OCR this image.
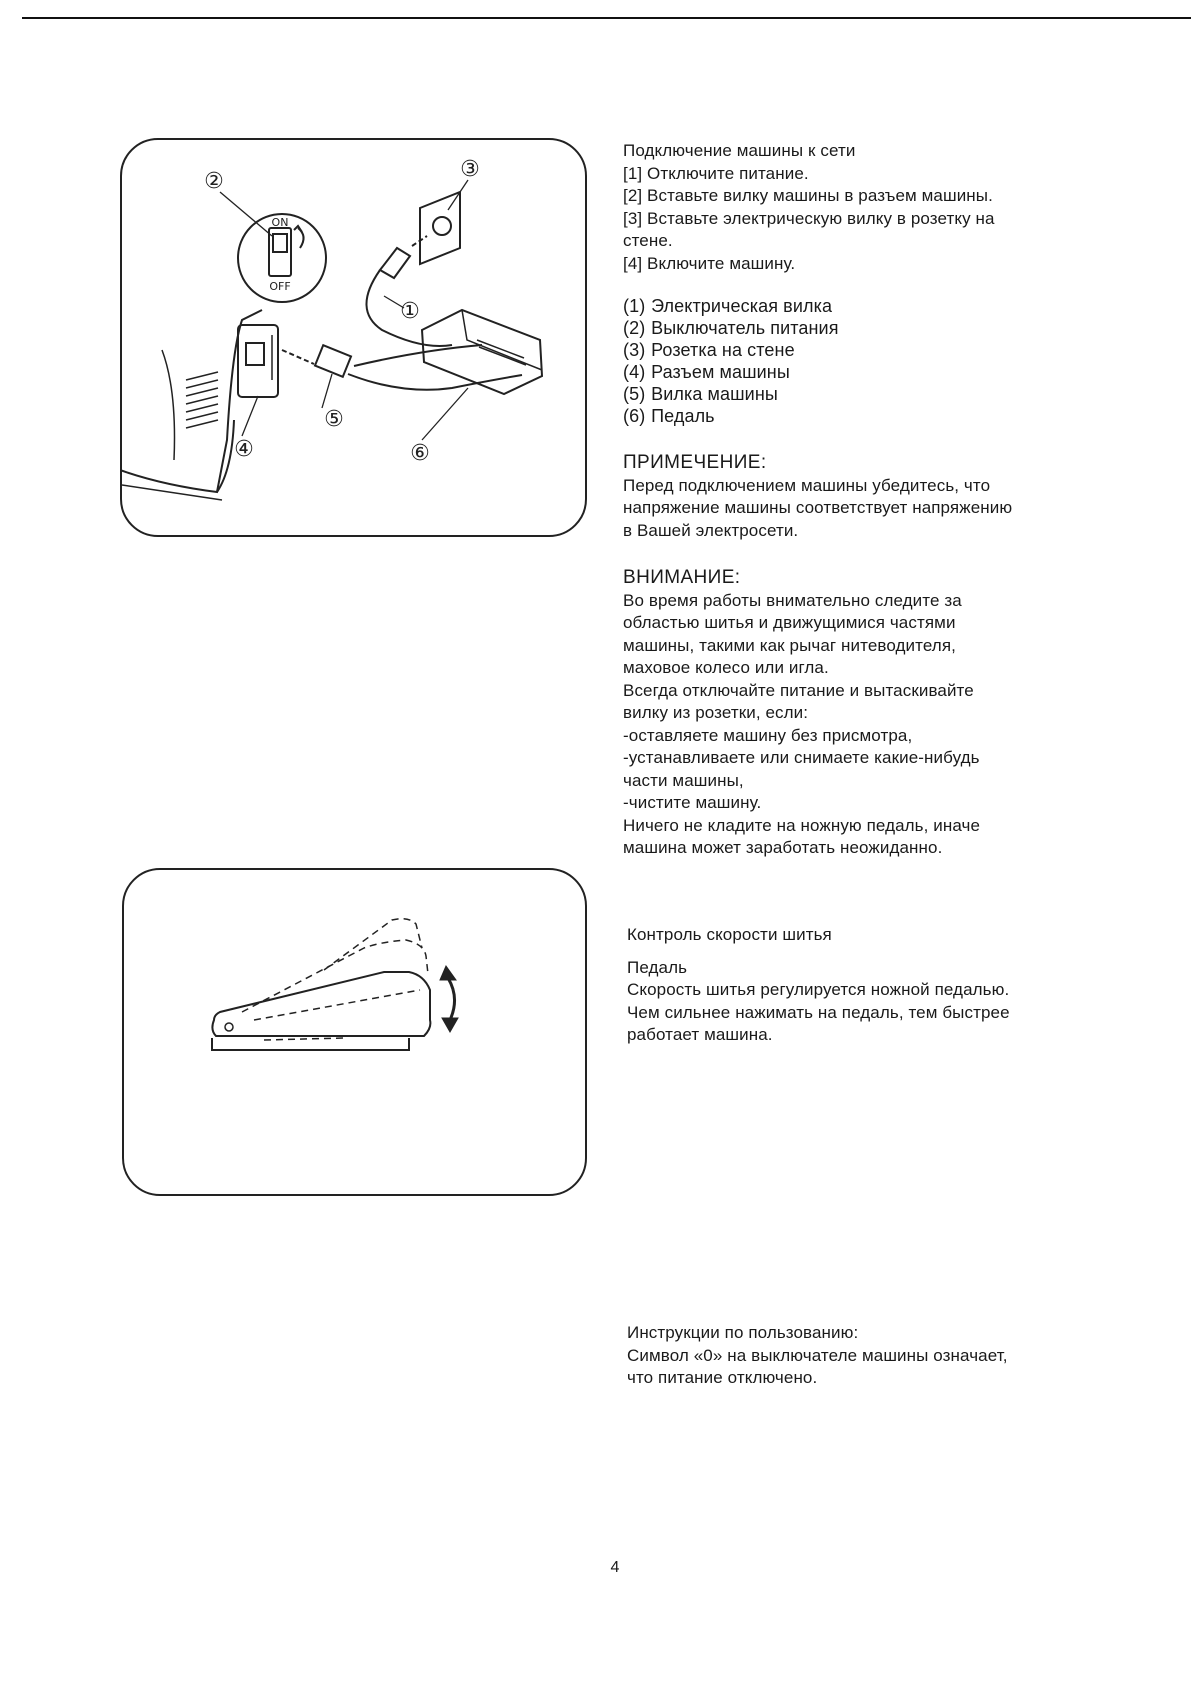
②	③
①
⑤
④	⑥
ON
OFF
Подключение машины к сети
[1] Отключите питание.
[2] Вставьте вилку машины в разъем машины.
[3] Вставьте электрическую вилку в розетку на
стене.
[4] Включите машину.
(1) Электрическая вилка
(2) Выключатель питания
(3) Розетка на стене
(4) Разъем машины
(5) Вилка машины
(6) Педаль
ПРИМЕЧЕНИЕ:
Перед подключением машины убедитесь, что
напряжение машины соответствует напряжению
в Вашей электросети.
ВНИМАНИЕ:
Во время работы внимательно следите за
областью шитья и движущимися частями
машины, такими как рычаг нитеводителя,
маховое колесо или игла.
Всегда отключайте питание и вытаскивайте
вилку из розетки, если:
-оставляете машину без присмотра,
-устанавливаете или снимаете какие-нибудь
части машины,
-чистите машину.
Ничего не кладите на ножную педаль, иначе
машина может заработать неожиданно.
Контроль скорости шитья
Педаль
Скорость шитья регулируется ножной педалью.
Чем сильнее нажимать на педаль, тем быстрее
работает машина.
Инструкции по пользованию:
Символ «0» на выключателе машины означает,
что питание отключено.
4
